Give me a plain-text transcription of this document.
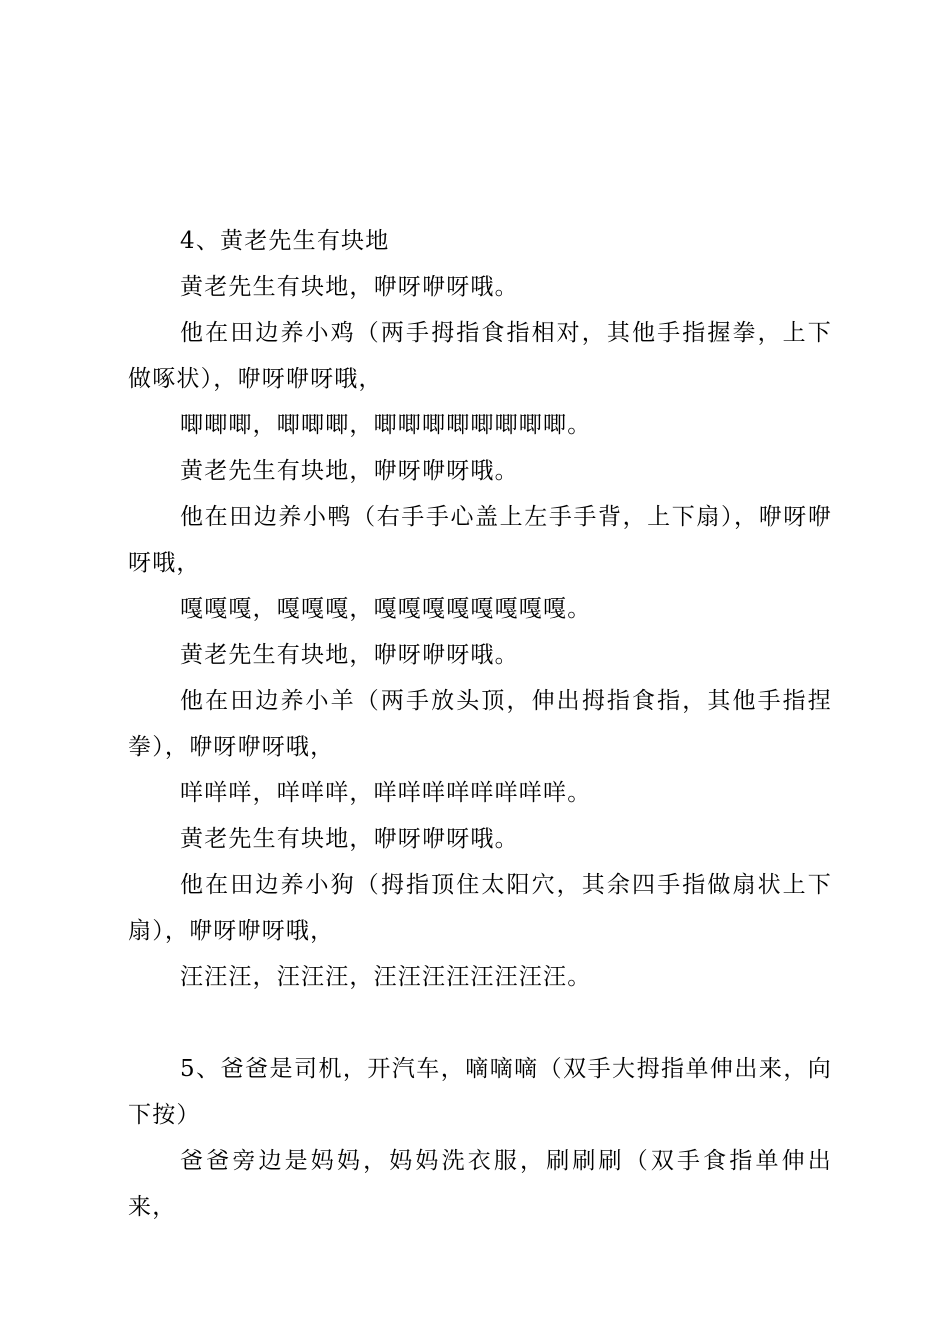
4、黄老先生有块地

黄老先生有块地，咿呀咿呀哦。

他在田边养小鸡（两手拇指食指相对，其他手指握拳，上下做啄状），咿呀咿呀哦，

唧唧唧，唧唧唧，唧唧唧唧唧唧唧唧。

黄老先生有块地，咿呀咿呀哦。

他在田边养小鸭（右手手心盖上左手手背，上下扇），咿呀咿呀哦，

嘎嘎嘎，嘎嘎嘎，嘎嘎嘎嘎嘎嘎嘎嘎。

黄老先生有块地，咿呀咿呀哦。

他在田边养小羊（两手放头顶，伸出拇指食指，其他手指捏拳），咿呀咿呀哦，

咩咩咩，咩咩咩，咩咩咩咩咩咩咩咩。

黄老先生有块地，咿呀咿呀哦。

他在田边养小狗（拇指顶住太阳穴，其余四手指做扇状上下扇），咿呀咿呀哦，

汪汪汪，汪汪汪，汪汪汪汪汪汪汪汪。

5、爸爸是司机，开汽车，嘀嘀嘀（双手大拇指单伸出来，向下按）

爸爸旁边是妈妈，妈妈洗衣服，刷刷刷（双手食指单伸出来，
